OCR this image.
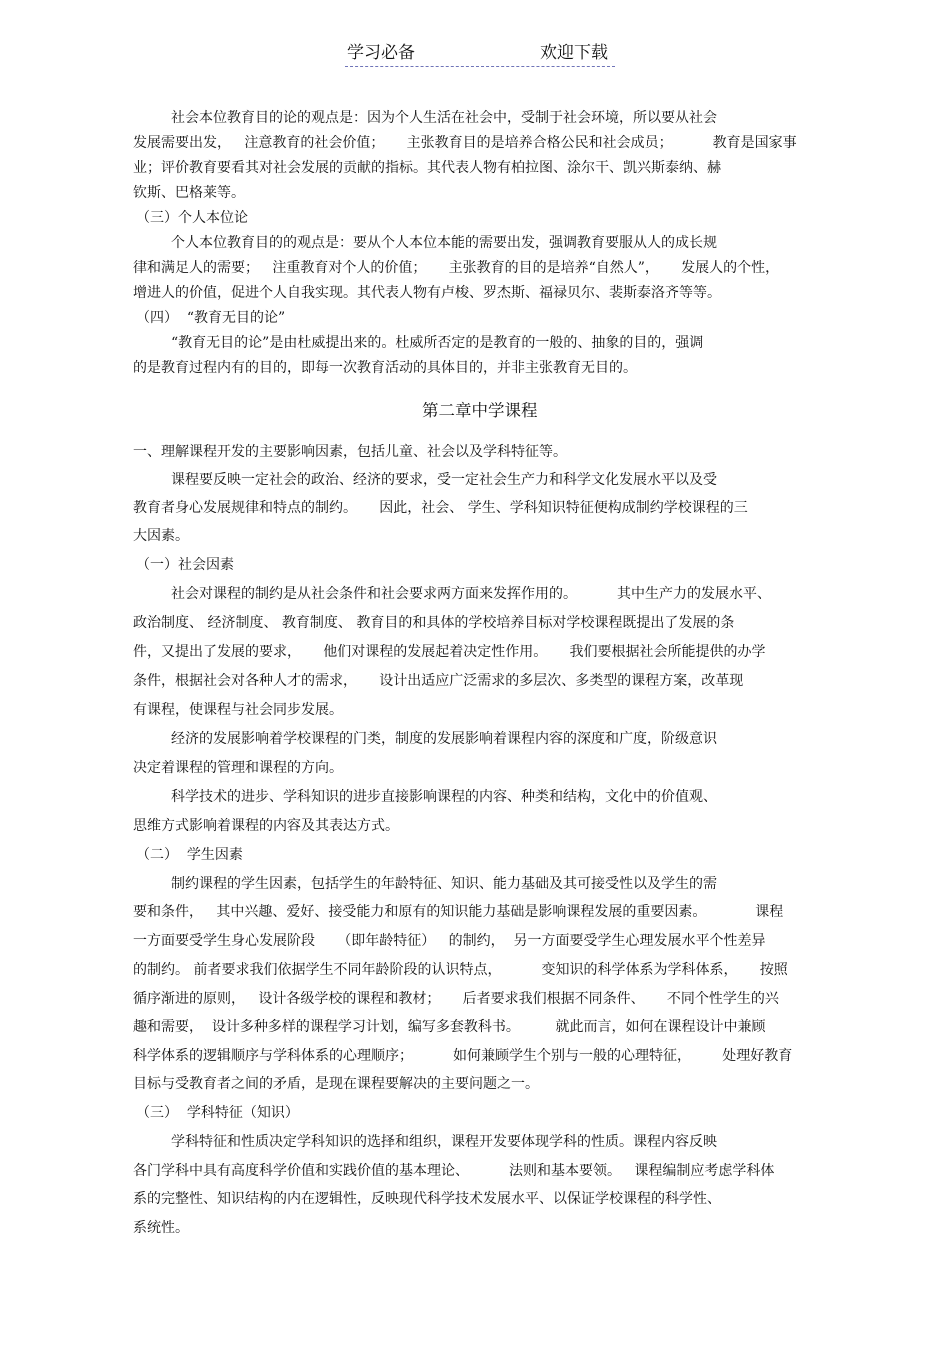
学习必备	欢迎下载
社会本位教育目的论的观点是：因为个人生活在社会中，受制于社会环境，所以要从社会
发展需要出发，   注意教育的社会价值；     主张教育目的是培养合格公民和社会成员；         教育是国家事
业；评价教育要看其对社会发展的贡献的指标。其代表人物有柏拉图、涂尔干、凯兴斯泰纳、赫
钦斯、巴格莱等。
（三）个人本位论
个人本位教育目的的观点是：要从个人本位本能的需要出发，强调教育要服从人的成长规
律和满足人的需要；   注重教育对个人的价值；     主张教育的目的是培养“自然人”，     发展人的个性，
增进人的价值，促进个人自我实现。其代表人物有卢梭、罗杰斯、福禄贝尔、裴斯泰洛齐等等。
（四）  “教育无目的论”
“教育无目的论”是由杜威提出来的。杜威所否定的是教育的一般的、抽象的目的，强调
的是教育过程内有的目的，即每一次教育活动的具体目的，并非主张教育无目的。
第二章中学课程
一、理解课程开发的主要影响因素，包括儿童、社会以及学科特征等。
课程要反映一定社会的政治、经济的要求，受一定社会生产力和科学文化发展水平以及受
教育者身心发展规律和特点的制约。     因此，社会、 学生、学科知识特征便构成制约学校课程的三
大因素。
（一）社会因素
社会对课程的制约是从社会条件和社会要求两方面来发挥作用的。         其中生产力的发展水平、
政治制度、 经济制度、 教育制度、 教育目的和具体的学校培养目标对学校课程既提出了发展的条
件，又提出了发展的要求，     他们对课程的发展起着决定性作用。     我们要根据社会所能提供的办学
条件，根据社会对各种人才的需求，     设计出适应广泛需求的多层次、多类型的课程方案，改革现
有课程，使课程与社会同步发展。
经济的发展影响着学校课程的门类，制度的发展影响着课程内容的深度和广度，阶级意识
决定着课程的管理和课程的方向。
科学技术的进步、学科知识的进步直接影响课程的内容、种类和结构，文化中的价值观、
思维方式影响着课程的内容及其表达方式。
（二）  学生因素
制约课程的学生因素，包括学生的年龄特征、知识、能力基础及其可接受性以及学生的需
要和条件，   其中兴趣、爱好、接受能力和原有的知识能力基础是影响课程发展的重要因素。           课程
一方面要受学生身心发展阶段     （即年龄特征）   的制约，  另一方面要受学生心理发展水平个性差异
的制约。 前者要求我们依据学生不同年龄阶段的认识特点，         变知识的科学体系为学科体系，     按照
循序渐进的原则，   设计各级学校的课程和教材；     后者要求我们根据不同条件、     不同个性学生的兴
趣和需要，  设计多种多样的课程学习计划，编写多套教科书。        就此而言，如何在课程设计中兼顾
科学体系的逻辑顺序与学科体系的心理顺序；         如何兼顾学生个别与一般的心理特征，       处理好教育
目标与受教育者之间的矛盾，是现在课程要解决的主要问题之一。
（三）  学科特征（知识）
学科特征和性质决定学科知识的选择和组织，课程开发要体现学科的性质。课程内容反映
各门学科中具有高度科学价值和实践价值的基本理论、         法则和基本要领。   课程编制应考虑学科体
系的完整性、知识结构的内在逻辑性，反映现代科学技术发展水平、以保证学校课程的科学性、
系统性。
